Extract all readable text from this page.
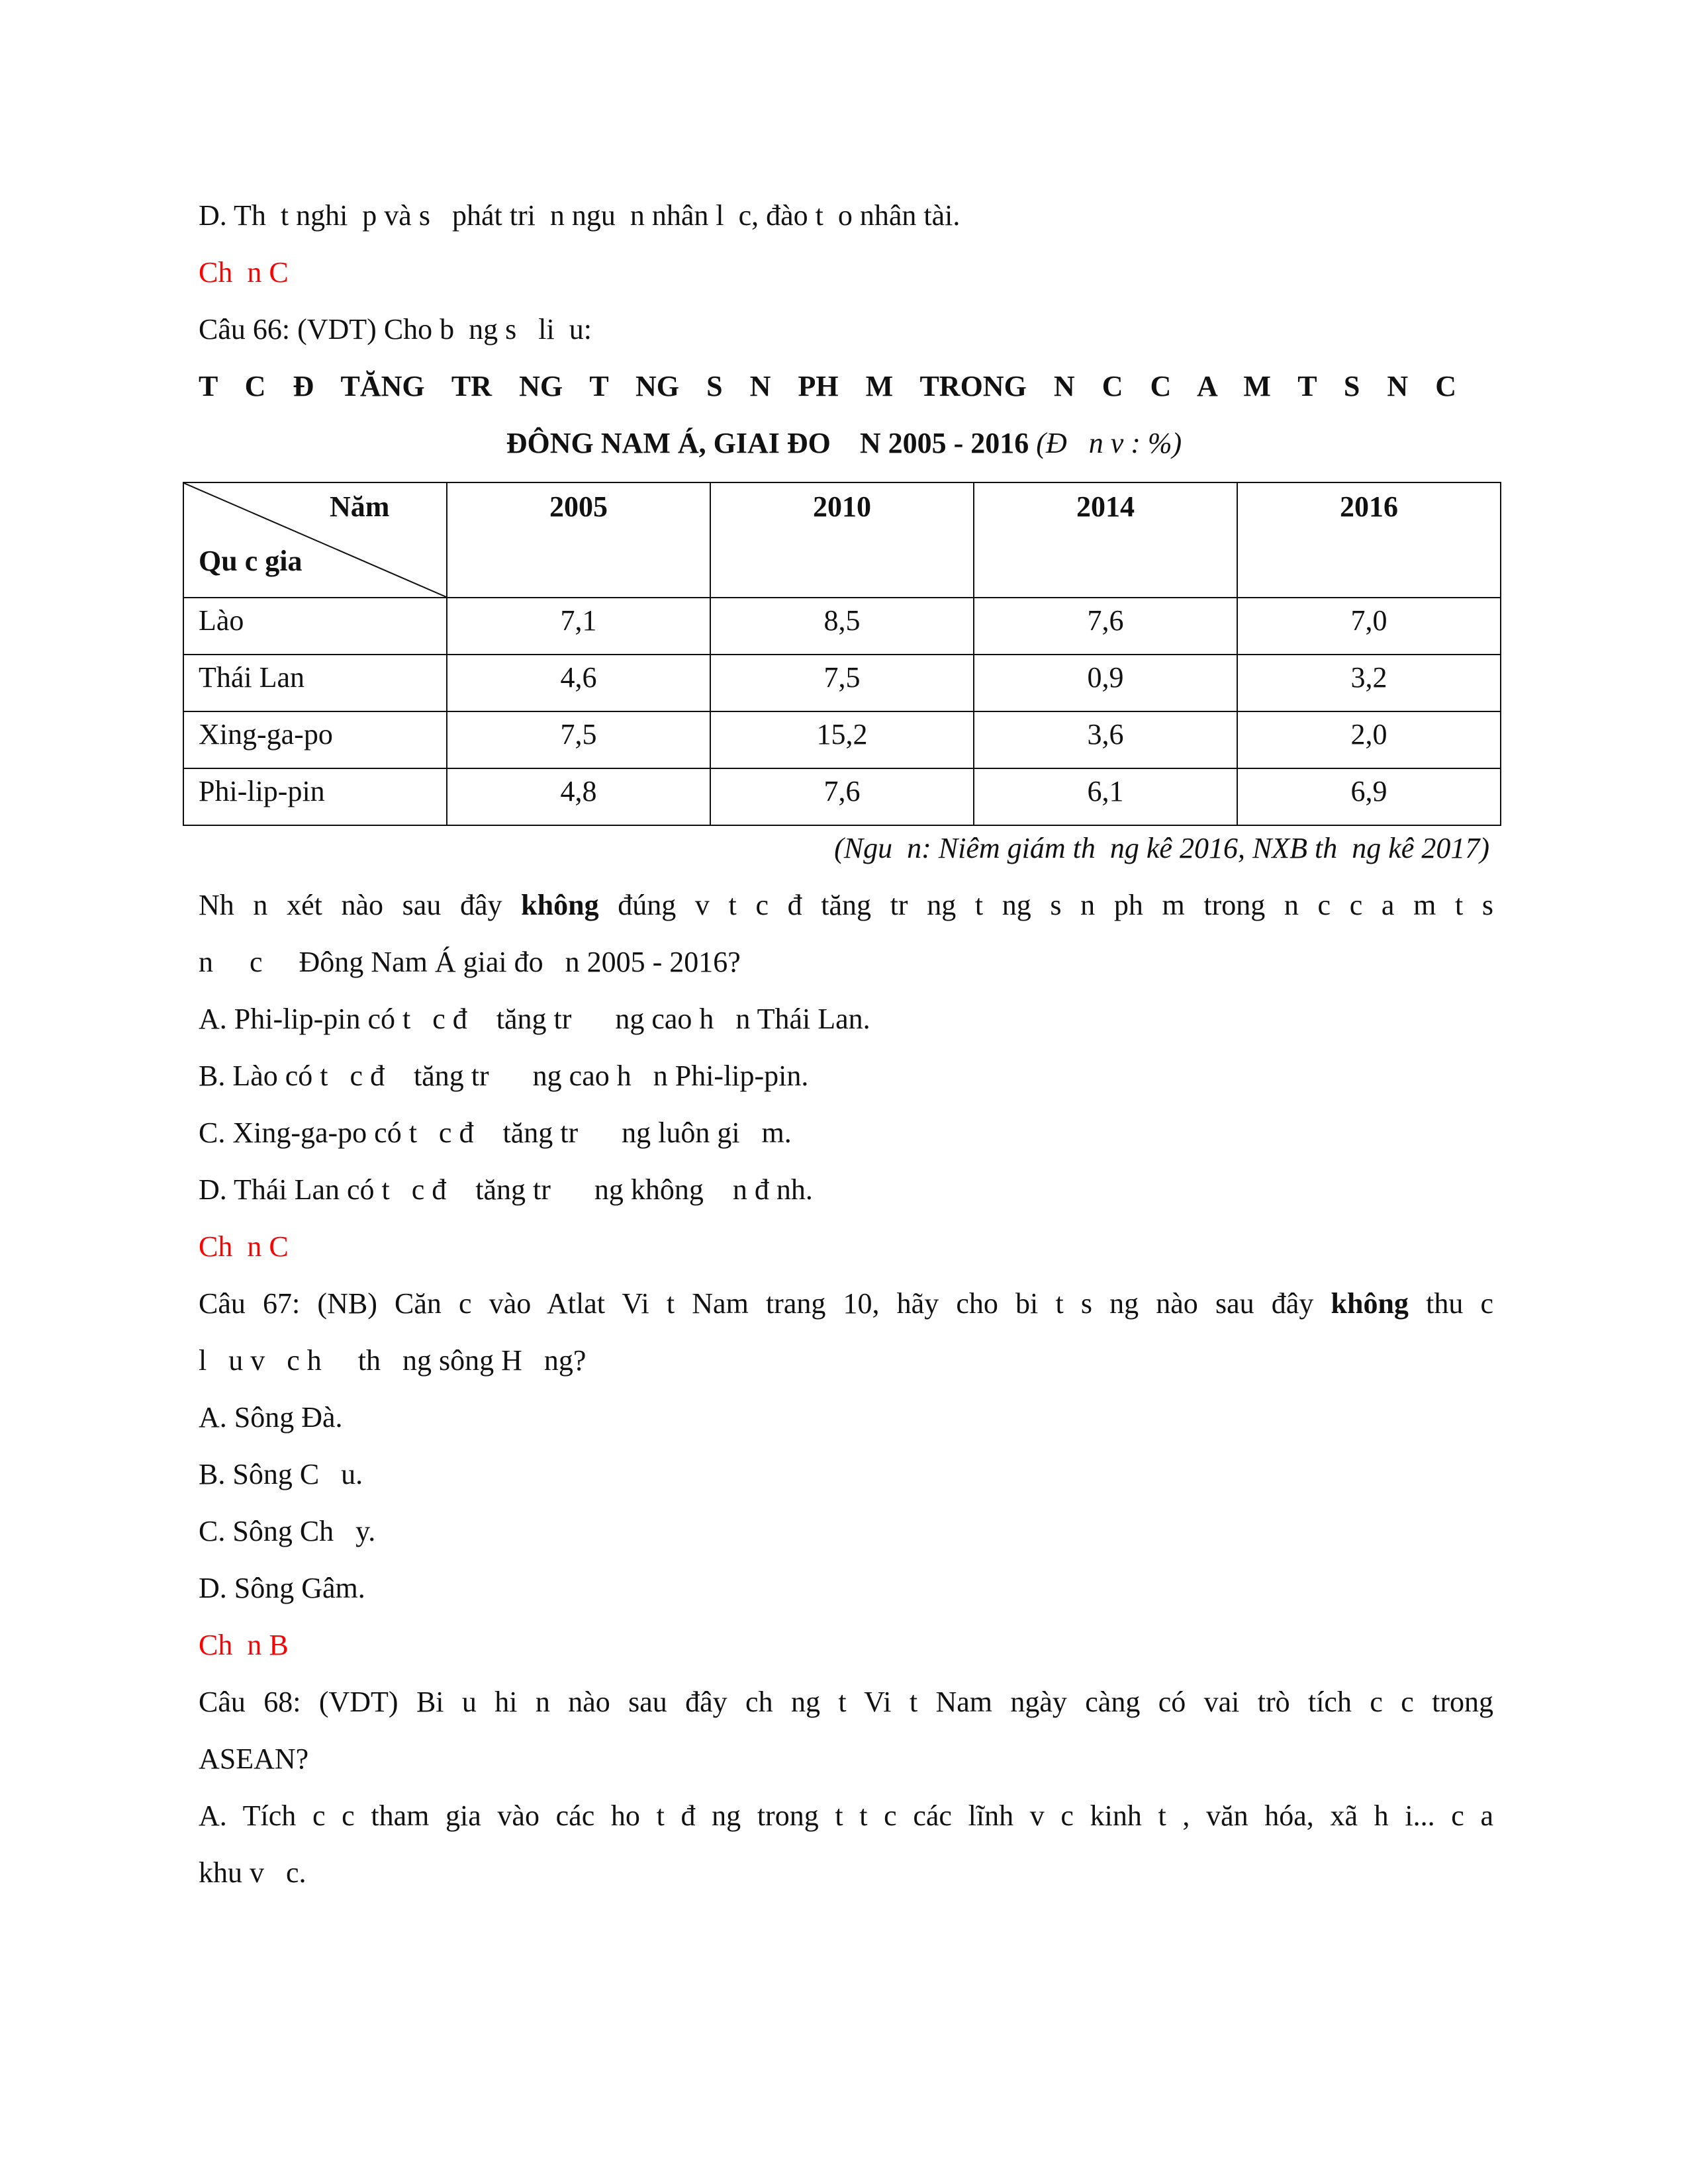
D. Th  t nghi  p và s   phát tri  n ngu  n nhân l  c, đào t  o nhân tài.

Ch  n C

Câu 66: (VDT) Cho b  ng s   li  u:

T C Đ TĂNG TR NG T NG S N PH M TRONG N C C A M T S N C

ĐÔNG NAM Á, GIAI ĐO    N 2005 - 2016 (Đ   n v : %)

Năm
Qu c gia	2005	2010	2014	2016

Lào	7,1	8,5	7,6	7,0

Thái Lan	4,6	7,5	0,9	3,2

Xing-ga-po	7,5	15,2	3,6	2,0

Phi-lip-pin	4,8	7,6	6,1	6,9

(Ngu  n: Niêm giám th  ng kê 2016, NXB th  ng kê 2017)

Nh n xét nào sau đây không đúng v t c đ tăng tr ng t ng s n ph m trong n c c a m t s

n     c     Đông Nam Á giai đo   n 2005 - 2016?

A. Phi-lip-pin có t   c đ    tăng tr      ng cao h   n Thái Lan.

B. Lào có t   c đ    tăng tr      ng cao h   n Phi-lip-pin.

C. Xing-ga-po có t   c đ    tăng tr      ng luôn gi   m.

D. Thái Lan có t   c đ    tăng tr      ng không    n đ nh.

Ch  n C

Câu 67: (NB) Căn c vào Atlat Vi t Nam trang 10, hãy cho bi t s ng nào sau đây không thu c

l   u v   c h     th   ng sông H   ng?

A. Sông Đà.

B. Sông C   u.

C. Sông Ch   y.

D. Sông Gâm.

Ch  n B

Câu 68: (VDT) Bi u hi n nào sau đây ch ng t Vi t Nam ngày càng có vai trò tích c c trong

ASEAN?

A. Tích c c tham gia vào các ho t đ ng trong t t c các lĩnh v c kinh t , văn hóa, xã h i... c a

khu v   c.
